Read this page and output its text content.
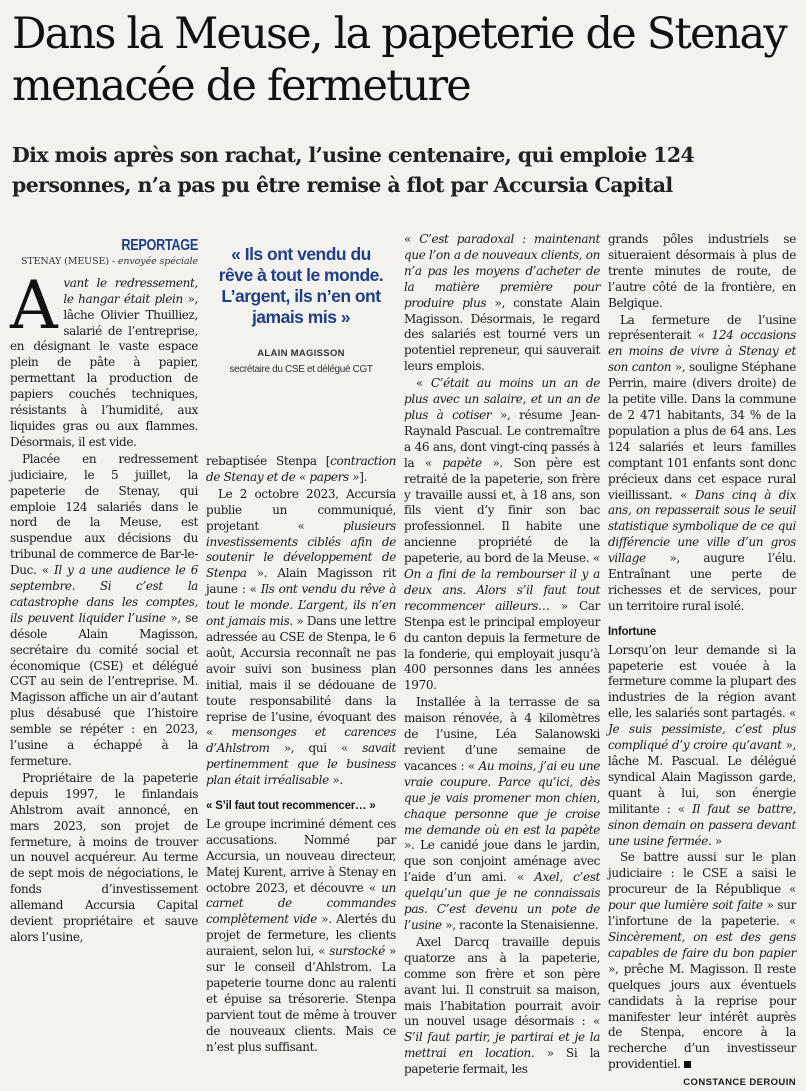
Dans la Meuse, la papeterie de Stenay menacée de fermeture
Dix mois après son rachat, l’usine centenaire, qui emploie 124 personnes, n’a pas pu être remise à flot par Accursia Capital
REPORTAGE
STENAY (MEUSE) - envoyée spéciale

Avant le redressement, le hangar était plein », lâche Olivier Thuilliez, salarié de l’entreprise, en désignant le vaste espace plein de pâte à papier, permettant la production de papiers couchés techniques, résistants à l’humidité, aux liquides gras ou aux flammes. Désormais, il est vide.

Placée en redressement judiciaire, le 5 juillet, la papeterie de Stenay, qui emploie 124 salariés dans le nord de la Meuse, est suspendue aux décisions du tribunal de commerce de Bar-le-Duc. « Il y a une audience le 6 septembre. Si c’est la catastrophe dans les comptes, ils peuvent liquider l’usine », se désole Alain Magisson, secrétaire du comité social et économique (CSE) et délégué CGT au sein de l’entreprise. M. Magisson affiche un air d’autant plus désabusé que l’histoire semble se répéter : en 2023, l’usine a échappé à la fermeture.

Propriétaire de la papeterie depuis 1997, le finlandais Ahlstrom avait annoncé, en mars 2023, son projet de fermeture, à moins de trouver un nouvel acquéreur. Au terme de sept mois de négociations, le fonds d’investissement allemand Accursia Capital devient propriétaire et sauve alors l’usine,

« Ils ont vendu du rêve à tout le monde. L’argent, ils n’en ont jamais mis »
ALAIN MAGISSON
secrétaire du CSE et délégué CGT

rebaptisée Stenpa [contraction de Stenay et de « papers »].

Le 2 octobre 2023, Accursia publie un communiqué, projetant « plusieurs investissements ciblés afin de soutenir le développement de Stenpa ». Alain Magisson rit jaune : « Ils ont vendu du rêve à tout le monde. L’argent, ils n’en ont jamais mis. » Dans une lettre adressée au CSE de Stenpa, le 6 août, Accursia reconnaît ne pas avoir suivi son business plan initial, mais il se dédouane de toute responsabilité dans la reprise de l’usine, évoquant des « mensonges et carences d’Ahlstrom », qui « savait pertinemment que le business plan était irréalisable ».

« S’il faut tout recommencer… »

Le groupe incriminé dément ces accusations. Nommé par Accursia, un nouveau directeur, Matej Kurent, arrive à Stenay en octobre 2023, et découvre « un carnet de commandes complètement vide ». Alertés du projet de fermeture, les clients auraient, selon lui, « surstocké » sur le conseil d’Ahlstrom. La papeterie tourne donc au ralenti et épuise sa trésorerie. Stenpa parvient tout de même à trouver de nouveaux clients. Mais ce n’est plus suffisant.

« C’est paradoxal : maintenant que l’on a de nouveaux clients, on n’a pas les moyens d’acheter de la matière première pour produire plus », constate Alain Magisson. Désormais, le regard des salariés est tourné vers un potentiel repreneur, qui sauverait leurs emplois.

« C’était au moins un an de plus avec un salaire, et un an de plus à cotiser », résume Jean-Raynald Pascual. Le contremaître a 46 ans, dont vingt-cinq passés à la « papète ». Son père est retraité de la papeterie, son frère y travaille aussi et, à 18 ans, son fils vient d’y finir son bac professionnel. Il habite une ancienne propriété de la papeterie, au bord de la Meuse. « On a fini de la rembourser il y a deux ans. Alors s’il faut tout recommencer ailleurs… » Car Stenpa est le principal employeur du canton depuis la fermeture de la fonderie, qui employait jusqu’à 400 personnes dans les années 1970.

Installée à la terrasse de sa maison rénovée, à 4 kilomètres de l’usine, Léa Salanowski revient d’une semaine de vacances : « Au moins, j’ai eu une vraie coupure. Parce qu’ici, dès que je vais promener mon chien, chaque personne que je croise me demande où en est la papète ». Le canidé joue dans le jardin, que son conjoint aménage avec l’aide d’un ami. « Axel, c’est quelqu’un que je ne connaissais pas. C’est devenu un pote de l’usine », raconte la Stenaisienne.

Axel Darcq travaille depuis quatorze ans à la papeterie, comme son frère et son père avant lui. Il construit sa maison, mais l’habitation pourrait avoir un nouvel usage désormais : « S’il faut partir, je partirai et je la mettrai en location. » Si la papeterie fermait, les

grands pôles industriels se situeraient désormais à plus de trente minutes de route, de l’autre côté de la frontière, en Belgique.

La fermeture de l’usine représenterait « 124 occasions en moins de vivre à Stenay et son canton », souligne Stéphane Perrin, maire (divers droite) de la petite ville. Dans la commune de 2 471 habitants, 34 % de la population a plus de 64 ans. Les 124 salariés et leurs familles comptant 101 enfants sont donc précieux dans cet espace rural vieillissant. « Dans cinq à dix ans, on repasserait sous le seuil statistique symbolique de ce qui différencie une ville d’un gros village », augure l’élu. Entraînant une perte de richesses et de services, pour un territoire rural isolé.

Infortune

Lorsqu’on leur demande si la papeterie est vouée à la fermeture comme la plupart des industries de la région avant elle, les salariés sont partagés. « Je suis pessimiste, c’est plus compliqué d’y croire qu’avant », lâche M. Pascual. Le délégué syndical Alain Magisson garde, quant à lui, son énergie militante : « Il faut se battre, sinon demain on passera devant une usine fermée. »

Se battre aussi sur le plan judiciaire : le CSE a saisi le procureur de la République « pour que lumière soit faite » sur l’infortune de la papeterie. « Sincèrement, on est des gens capables de faire du bon papier », prêche M. Magisson. Il reste quelques jours aux éventuels candidats à la reprise pour manifester leur intérêt auprès de Stenpa, encore à la recherche d’un investisseur providentiel.

CONSTANCE DEROUIN
